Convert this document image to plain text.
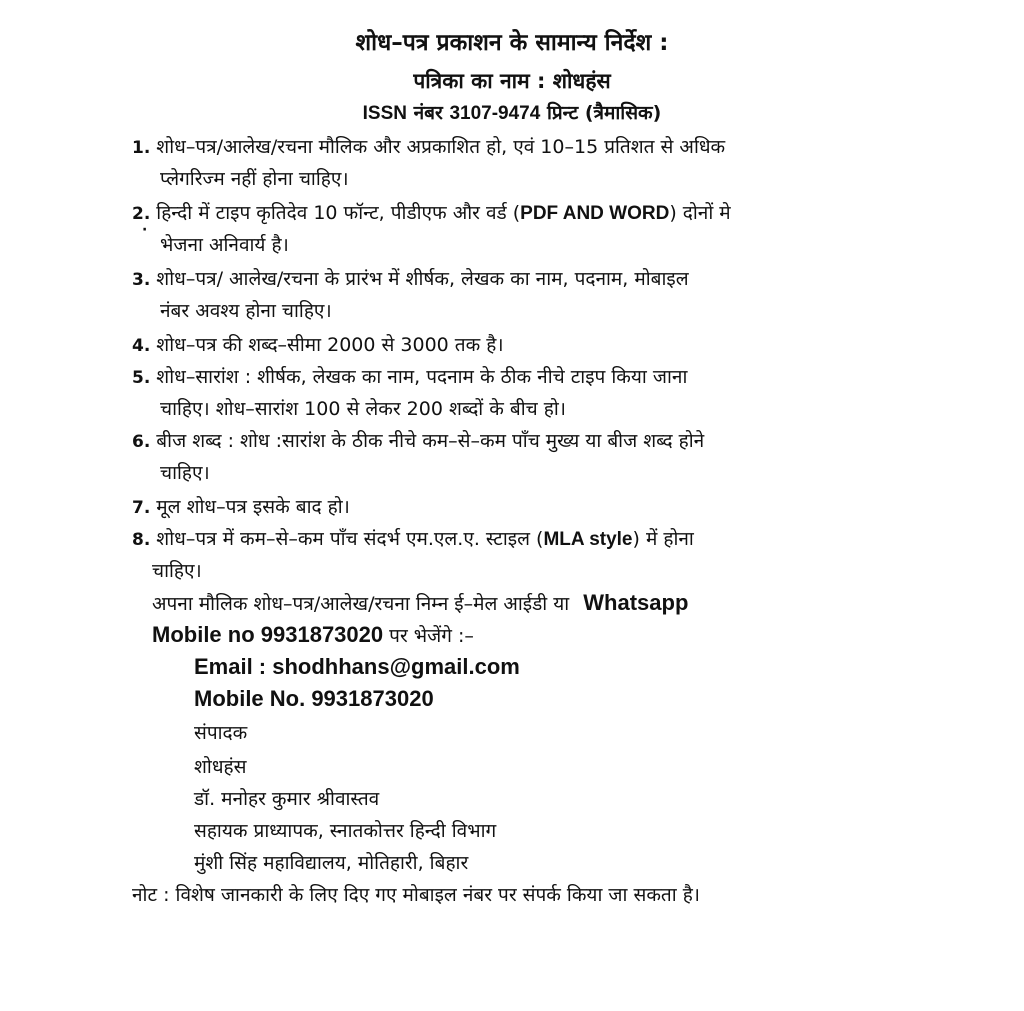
शोध–पत्र प्रकाशन के सामान्य निर्देश :
पत्रिका का नाम : शोधहंस
ISSN नंबर 3107-9474 प्रिन्ट (त्रैमासिक)
1. शोध–पत्र/आलेख/रचना मौलिक और अप्रकाशित हो, एवं 10–15 प्रतिशत से अधिक
प्लेगरिज्म नहीं होना चाहिए।
2. हिन्दी में टाइप कृतिदेव 10 फॉन्ट, पीडीएफ और वर्ड (PDF AND WORD) दोनों मे
·
भेजना अनिवार्य है।
3. शोध–पत्र/ आलेख/रचना के प्रारंभ में शीर्षक, लेखक का नाम, पदनाम, मोबाइल
नंबर अवश्य होना चाहिए।
4. शोध–पत्र की शब्द–सीमा 2000 से 3000 तक है।
5. शोध–सारांश : शीर्षक, लेखक का नाम, पदनाम के ठीक नीचे टाइप किया जाना
चाहिए। शोध–सारांश 100 से लेकर 200 शब्दों के बीच हो।
6. बीज शब्द : शोध :सारांश के ठीक नीचे कम–से–कम पाँच मुख्य या बीज शब्द होने
चाहिए।
7. मूल शोध–पत्र इसके बाद हो।
8. शोध–पत्र में कम–से–कम पाँच संदर्भ एम.एल.ए. स्टाइल (MLA style) में होना
चाहिए।
अपना मौलिक शोध–पत्र/आलेख/रचना निम्न ई–मेल आईडी या Whatsapp
Mobile no 9931873020 पर भेजेंगे :–
Email : shodhhans@gmail.com
Mobile No. 9931873020
संपादक
शोधहंस
डॉ. मनोहर कुमार श्रीवास्तव
सहायक प्राध्यापक, स्नातकोत्तर हिन्दी विभाग
मुंशी सिंह महाविद्यालय, मोतिहारी, बिहार
नोट : विशेष जानकारी के लिए दिए गए मोबाइल नंबर पर संपर्क किया जा सकता है।
